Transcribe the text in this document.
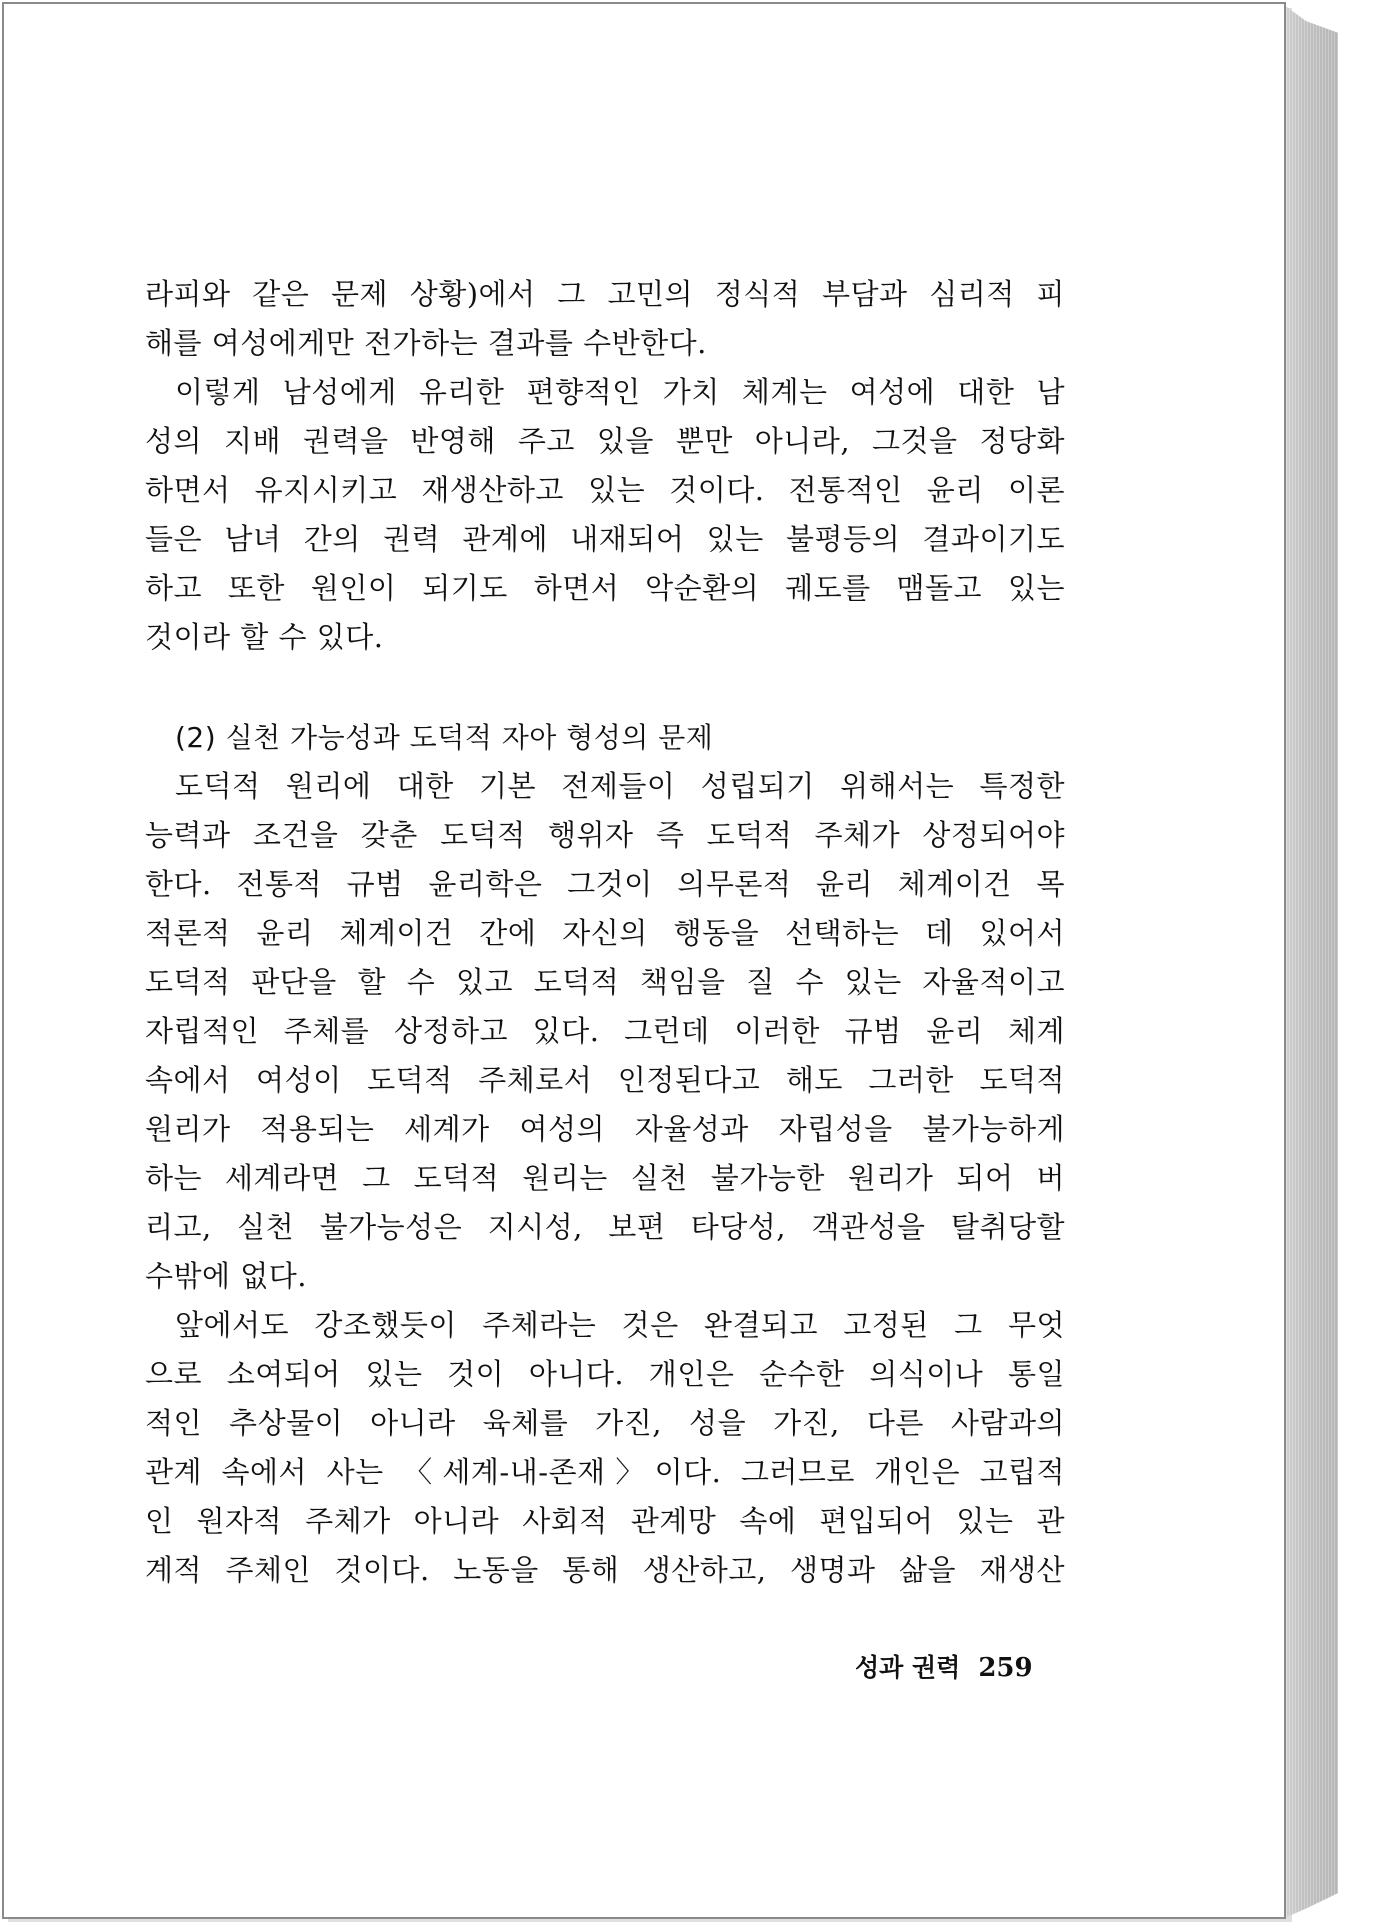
라피와 같은 문제 상황)에서 그 고민의 정식적 부담과 심리적 피
해를 여성에게만 전가하는 결과를 수반한다.
이렇게 남성에게 유리한 편향적인 가치 체계는 여성에 대한 남
성의 지배 권력을 반영해 주고 있을 뿐만 아니라, 그것을 정당화
하면서 유지시키고 재생산하고 있는 것이다. 전통적인 윤리 이론
들은 남녀 간의 권력 관계에 내재되어 있는 불평등의 결과이기도
하고 또한 원인이 되기도 하면서 악순환의 궤도를 맴돌고 있는
것이라 할 수 있다.
(2) 실천 가능성과 도덕적 자아 형성의 문제
도덕적 원리에 대한 기본 전제들이 성립되기 위해서는 특정한
능력과 조건을 갖춘 도덕적 행위자 즉 도덕적 주체가 상정되어야
한다. 전통적 규범 윤리학은 그것이 의무론적 윤리 체계이건 목
적론적 윤리 체계이건 간에 자신의 행동을 선택하는 데 있어서
도덕적 판단을 할 수 있고 도덕적 책임을 질 수 있는 자율적이고
자립적인 주체를 상정하고 있다. 그런데 이러한 규범 윤리 체계
속에서 여성이 도덕적 주체로서 인정된다고 해도 그러한 도덕적
원리가 적용되는 세계가 여성의 자율성과 자립성을 불가능하게
하는 세계라면 그 도덕적 원리는 실천 불가능한 원리가 되어 버
리고, 실천 불가능성은 지시성, 보편 타당성, 객관성을 탈취당할
수밖에 없다.
앞에서도 강조했듯이 주체라는 것은 완결되고 고정된 그 무엇
으로 소여되어 있는 것이 아니다. 개인은 순수한 의식이나 통일
적인 추상물이 아니라 육체를 가진, 성을 가진, 다른 사람과의
관계 속에서 사는 〈세계-내-존재〉이다. 그러므로 개인은 고립적
인 원자적 주체가 아니라 사회적 관계망 속에 편입되어 있는 관
계적 주체인 것이다. 노동을 통해 생산하고, 생명과 삶을 재생산
성과 권력 259
